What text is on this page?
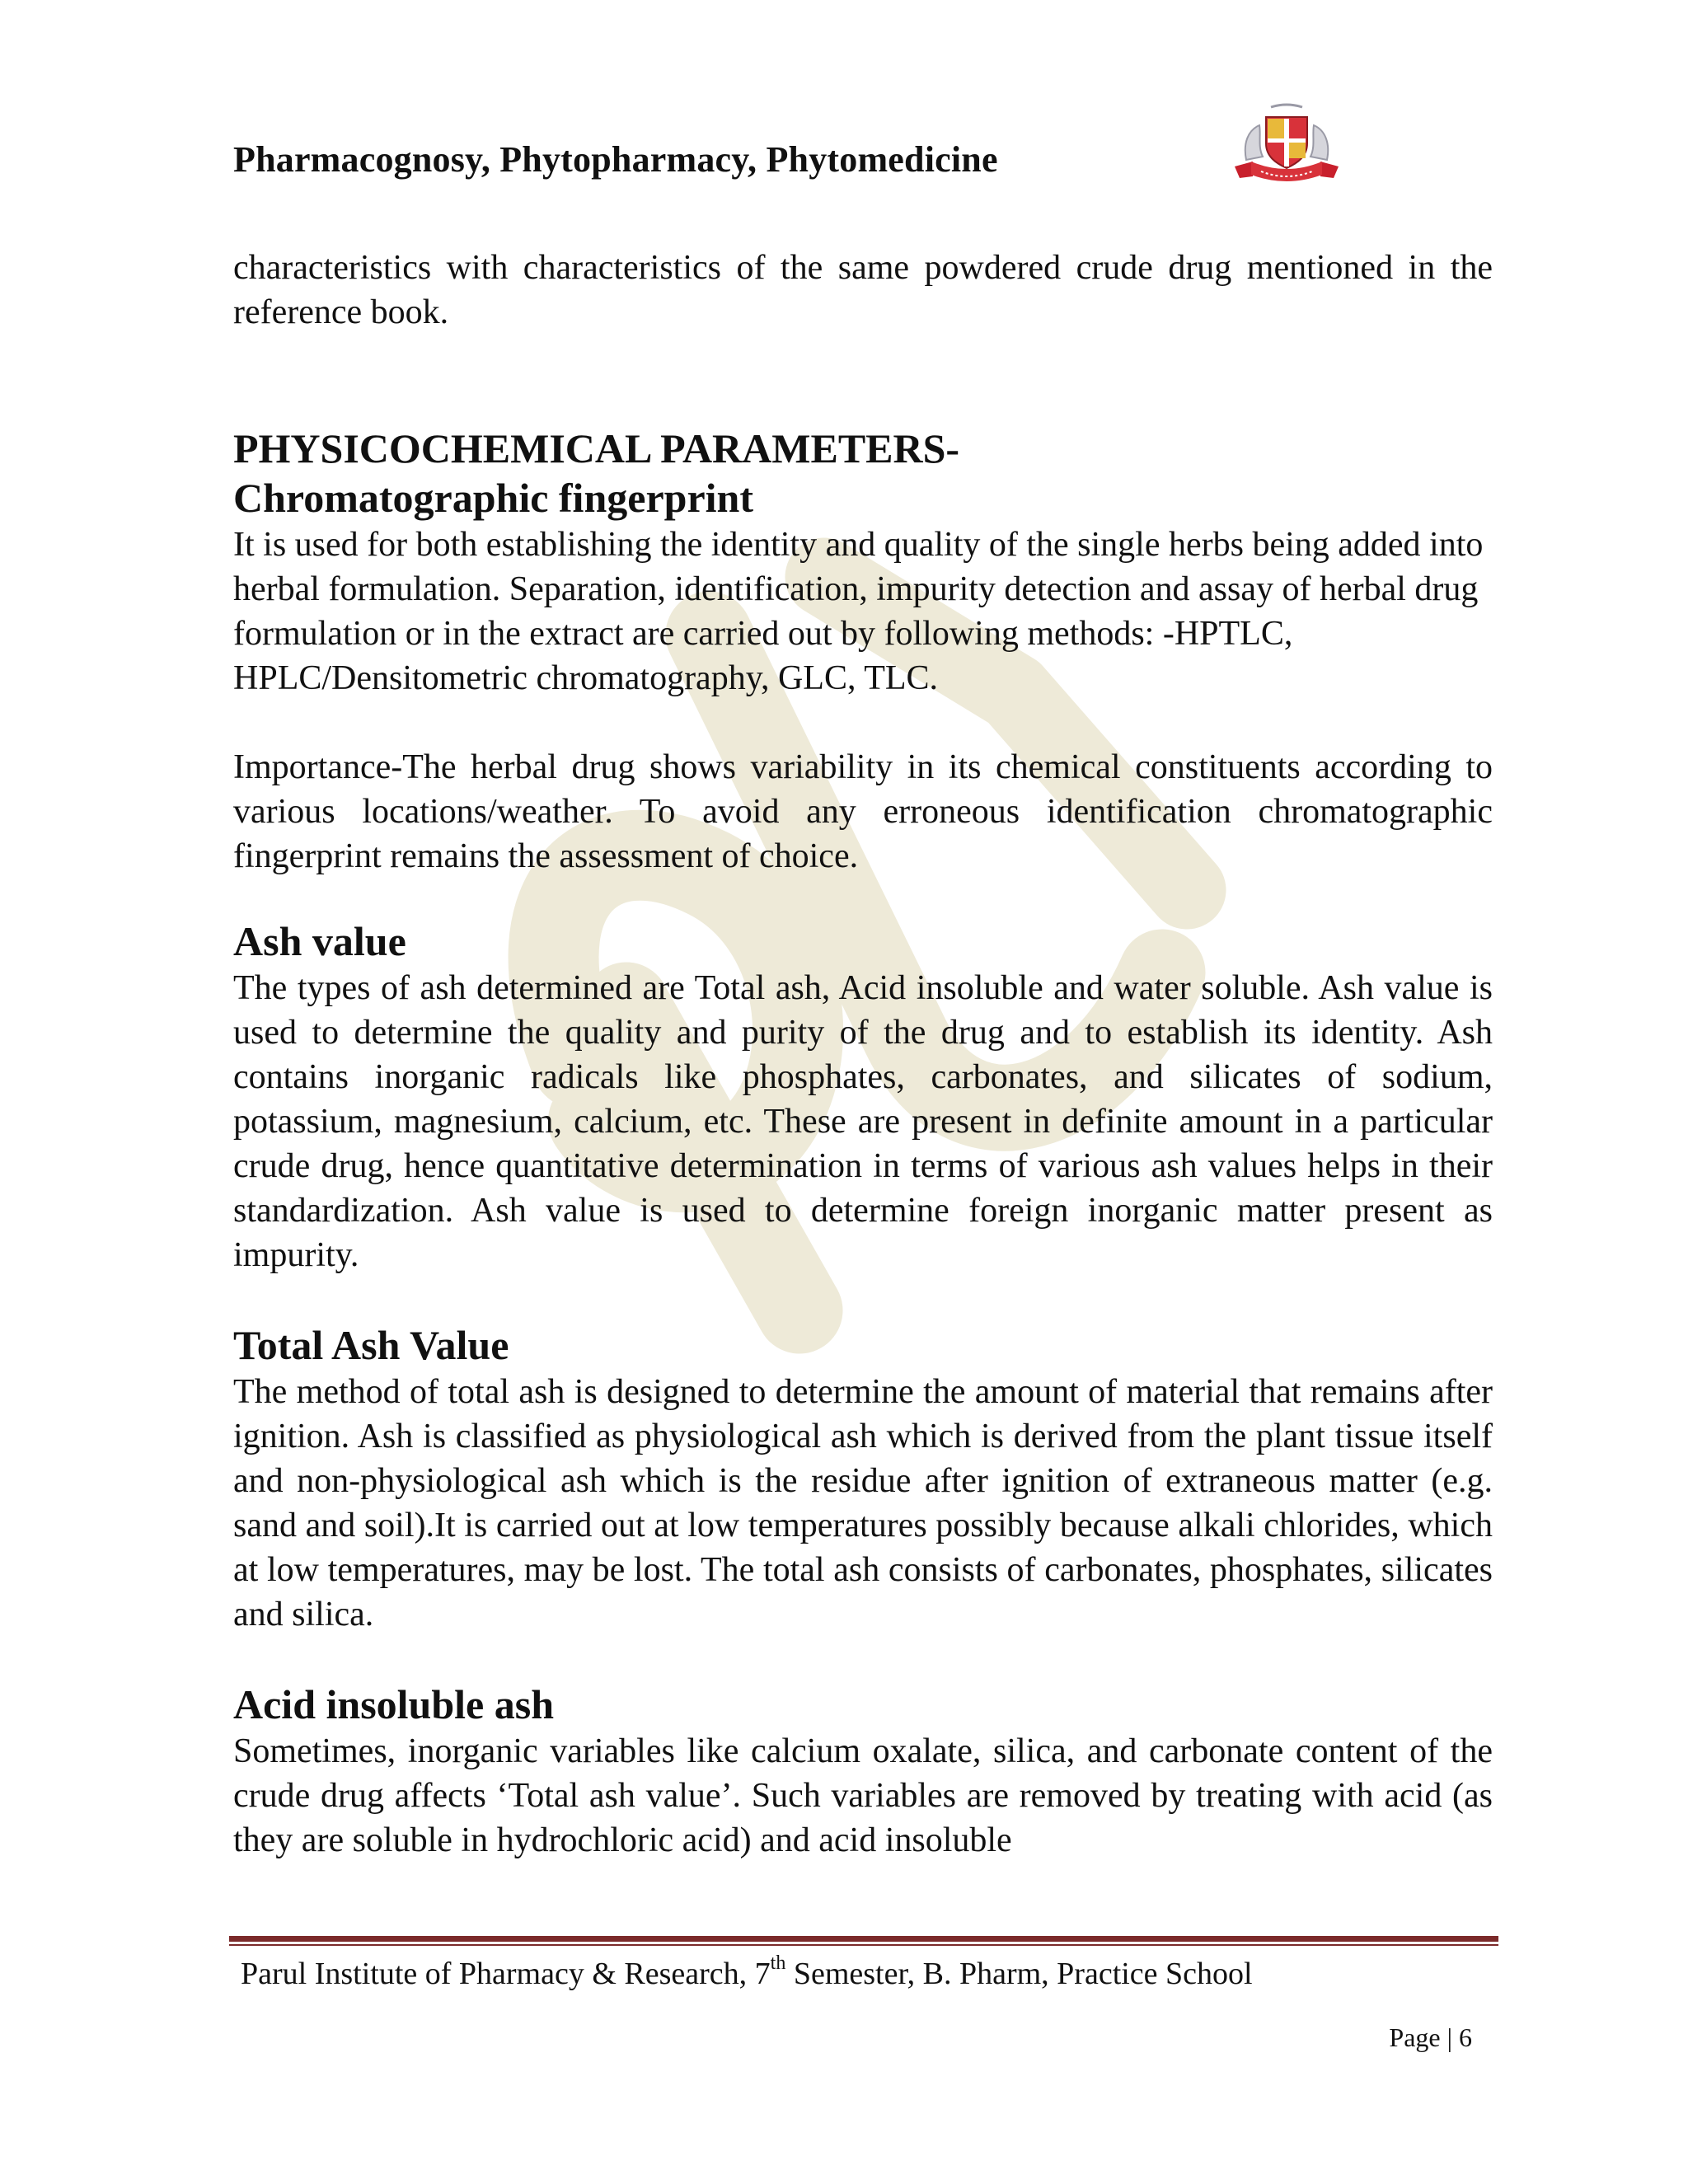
Pharmacognosy, Phytopharmacy, Phytomedicine

characteristics with characteristics of the same powdered crude drug mentioned in the reference book.

PHYSICOCHEMICAL PARAMETERS-
Chromatographic fingerprint

It is used for both establishing the identity and quality of the single herbs being added into herbal formulation. Separation, identification, impurity detection and assay of herbal drug formulation or in the extract are carried out by following methods: -HPTLC, HPLC/Densitometric chromatography, GLC, TLC.

Importance-The herbal drug shows variability in its chemical constituents according to various locations/weather. To avoid any erroneous identification chromatographic fingerprint remains the assessment of choice.

Ash value

The types of ash determined are Total ash, Acid insoluble and water soluble. Ash value is used to determine the quality and purity of the drug and to establish its identity. Ash contains inorganic radicals like phosphates, carbonates, and silicates of sodium, potassium, magnesium, calcium, etc. These are present in definite amount in a particular crude drug, hence quantitative determination in terms of various ash values helps in their standardization. Ash value is used to determine foreign inorganic matter present as impurity.

Total Ash Value

The method of total ash is designed to determine the amount of material that remains after ignition. Ash is classified as physiological ash which is derived from the plant tissue itself and non-physiological ash which is the residue after ignition of extraneous matter (e.g. sand and soil).It is carried out at low temperatures possibly because alkali chlorides, which at low temperatures, may be lost. The total ash consists of carbonates, phosphates, silicates and silica.

Acid insoluble ash

Sometimes, inorganic variables like calcium oxalate, silica, and carbonate content of the crude drug affects ‘Total ash value’. Such variables are removed by treating with acid (as they are soluble in hydrochloric acid) and acid insoluble

Parul Institute of Pharmacy & Research, 7th Semester, B. Pharm, Practice School
Page | 6
